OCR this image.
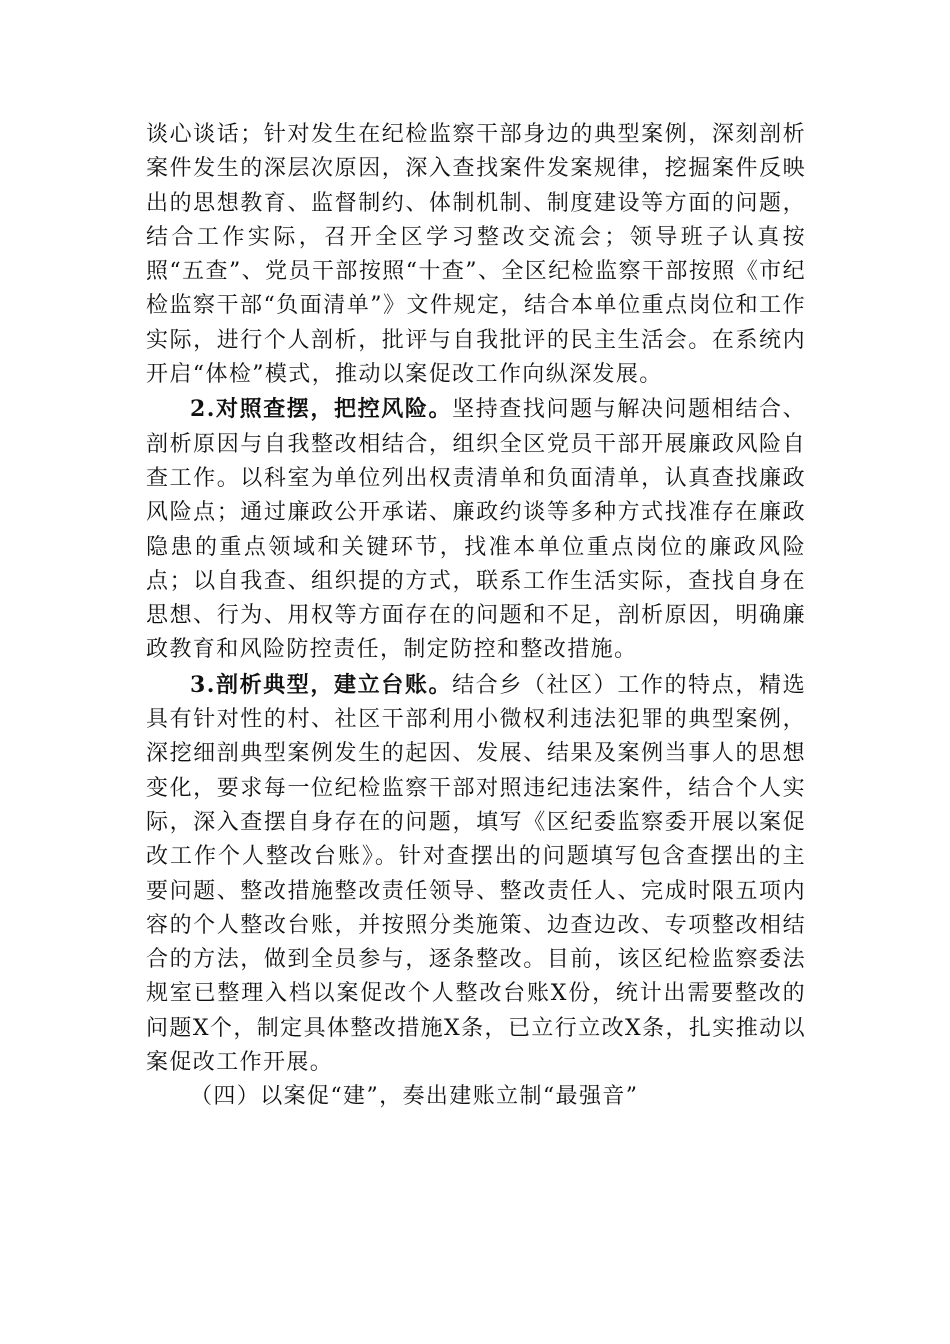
谈心谈话；针对发生在纪检监察干部身边的典型案例，深刻剖析案件发生的深层次原因，深入查找案件发案规律，挖掘案件反映出的思想教育、监督制约、体制机制、制度建设等方面的问题，结合工作实际，召开全区学习整改交流会；领导班子认真按照“五查”、党员干部按照“十查”、全区纪检监察干部按照《市纪检监察干部“负面清单”》文件规定，结合本单位重点岗位和工作实际，进行个人剖析，批评与自我批评的民主生活会。在系统内开启“体检”模式，推动以案促改工作向纵深发展。

2.对照查摆，把控风险。坚持查找问题与解决问题相结合、剖析原因与自我整改相结合，组织全区党员干部开展廉政风险自查工作。以科室为单位列出权责清单和负面清单，认真查找廉政风险点；通过廉政公开承诺、廉政约谈等多种方式找准存在廉政隐患的重点领域和关键环节，找准本单位重点岗位的廉政风险点；以自我查、组织提的方式，联系工作生活实际，查找自身在思想、行为、用权等方面存在的问题和不足，剖析原因，明确廉政教育和风险防控责任，制定防控和整改措施。

3.剖析典型，建立台账。结合乡（社区）工作的特点，精选具有针对性的村、社区干部利用小微权利违法犯罪的典型案例，深挖细剖典型案例发生的起因、发展、结果及案例当事人的思想变化，要求每一位纪检监察干部对照违纪违法案件，结合个人实际，深入查摆自身存在的问题，填写《区纪委监察委开展以案促改工作个人整改台账》。针对查摆出的问题填写包含查摆出的主要问题、整改措施整改责任领导、整改责任人、完成时限五项内容的个人整改台账，并按照分类施策、边查边改、专项整改相结合的方法，做到全员参与，逐条整改。目前，该区纪检监察委法规室已整理入档以案促改个人整改台账X份，统计出需要整改的问题X个，制定具体整改措施X条，已立行立改X条，扎实推动以案促改工作开展。

（四）以案促“建”，奏出建账立制“最强音”
